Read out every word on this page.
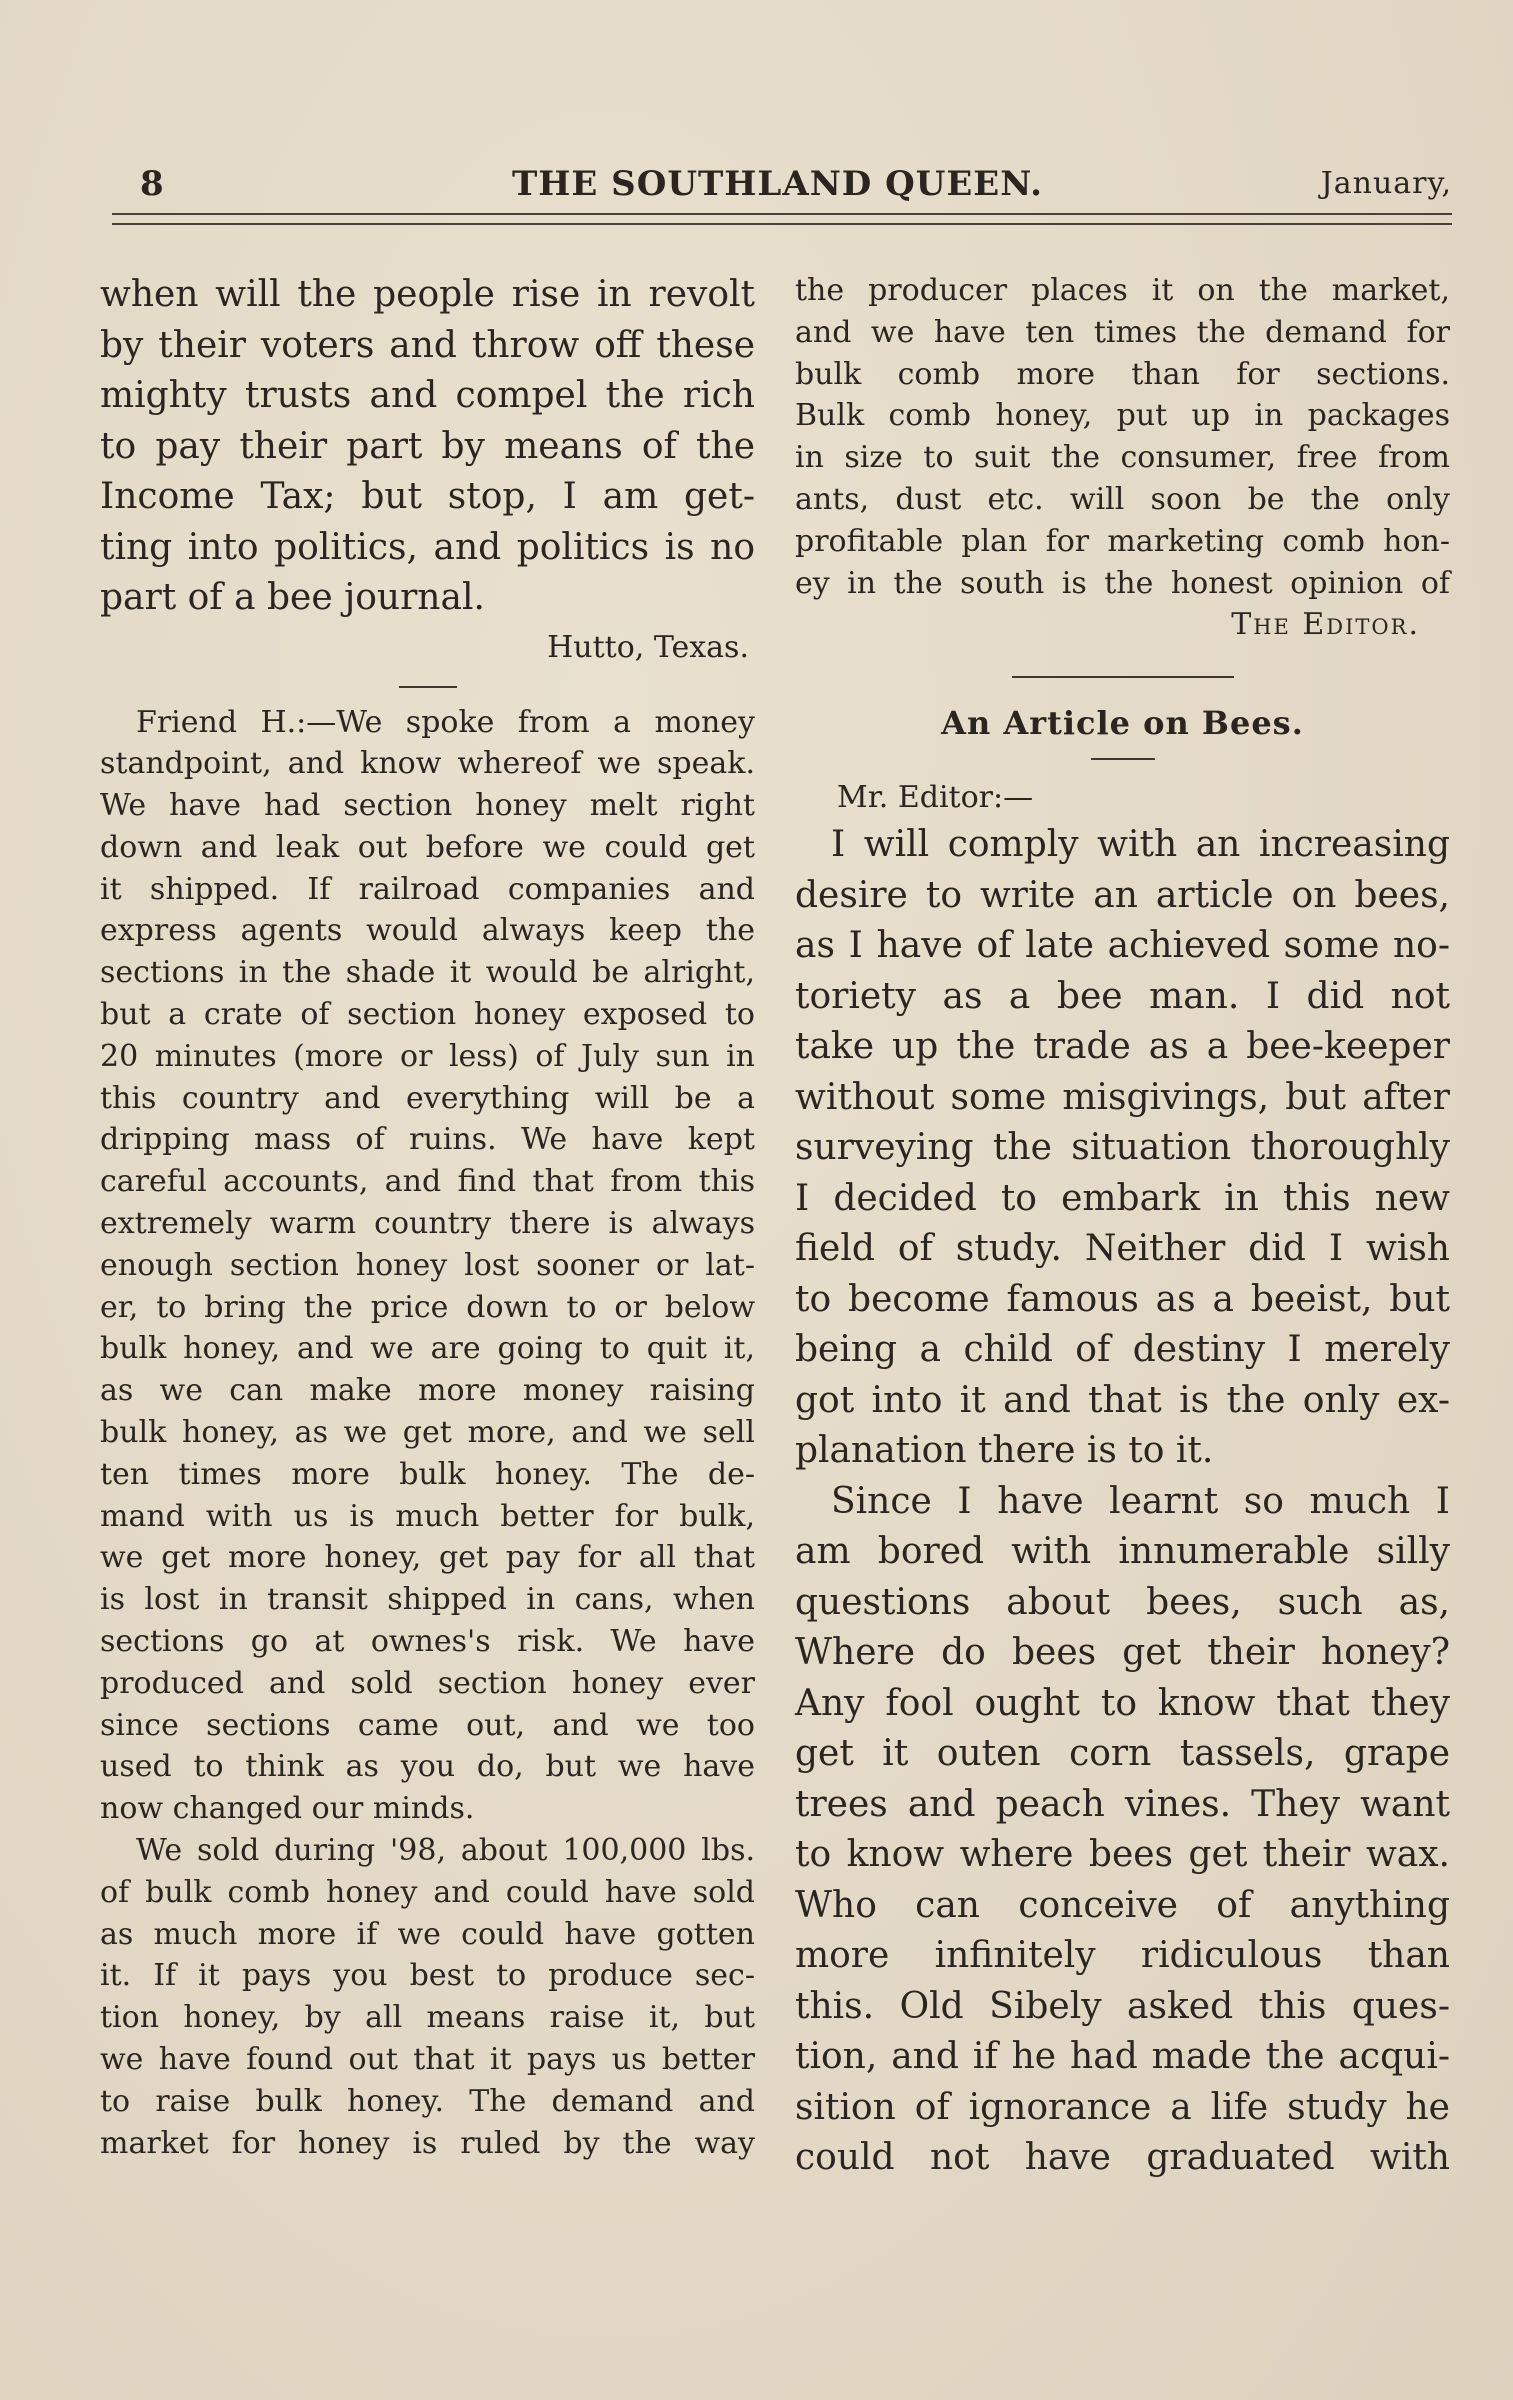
8	THE SOUTHLAND QUEEN.	January,
when will the people rise in revolt
by their voters and throw off these
mighty trusts and compel the rich
to pay their part by means of the
Income Tax; but stop, I am get-
ting into politics, and politics is no
part of a bee journal.
Hutto, Texas.
Friend H.:—We spoke from a money
standpoint, and know whereof we speak.
We have had section honey melt right
down and leak out before we could get
it shipped. If railroad companies and
express agents would always keep the
sections in the shade it would be alright,
but a crate of section honey exposed to
20 minutes (more or less) of July sun in
this country and everything will be a
dripping mass of ruins. We have kept
careful accounts, and find that from this
extremely warm country there is always
enough section honey lost sooner or lat-
er, to bring the price down to or below
bulk honey, and we are going to quit it,
as we can make more money raising
bulk honey, as we get more, and we sell
ten times more bulk honey. The de-
mand with us is much better for bulk,
we get more honey, get pay for all that
is lost in transit shipped in cans, when
sections go at ownes's risk. We have
produced and sold section honey ever
since sections came out, and we too
used to think as you do, but we have
now changed our minds.
We sold during '98, about 100,000 lbs.
of bulk comb honey and could have sold
as much more if we could have gotten
it. If it pays you best to produce sec-
tion honey, by all means raise it, but
we have found out that it pays us better
to raise bulk honey. The demand and
market for honey is ruled by the way
the producer places it on the market,
and we have ten times the demand for
bulk comb more than for sections.
Bulk comb honey, put up in packages
in size to suit the consumer, free from
ants, dust etc. will soon be the only
profitable plan for marketing comb hon-
ey in the south is the honest opinion of
The Editor.
An Article on Bees.
Mr. Editor:—
I will comply with an increasing
desire to write an article on bees,
as I have of late achieved some no-
toriety as a bee man. I did not
take up the trade as a bee-keeper
without some misgivings, but after
surveying the situation thoroughly
I decided to embark in this new
field of study. Neither did I wish
to become famous as a beeist, but
being a child of destiny I merely
got into it and that is the only ex-
planation there is to it.
Since I have learnt so much I
am bored with innumerable silly
questions about bees, such as,
Where do bees get their honey?
Any fool ought to know that they
get it outen corn tassels, grape
trees and peach vines. They want
to know where bees get their wax.
Who can conceive of anything
more infinitely ridiculous than
this. Old Sibely asked this ques-
tion, and if he had made the acqui-
sition of ignorance a life study he
could not have graduated with
